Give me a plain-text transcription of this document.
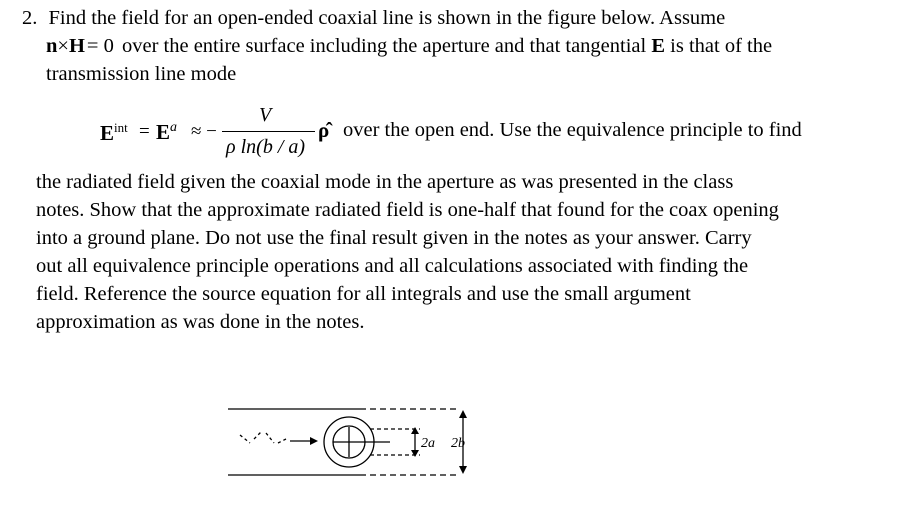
2. Find the field for an open-ended coaxial line is shown in the figure below. Assume
n×H= 0 over the entire surface including the aperture and that tangential E is that of the
transmission line mode
$E^{int} = E^a$ ≈ −
V
ρ ln(b / a)
ρ̂ over the open end. Use the equivalence principle to find
the radiated field given the coaxial mode in the aperture as was presented in the class
notes. Show that the approximate radiated field is one-half that found for the coax opening
into a ground plane. Do not use the final result given in the notes as your answer. Carry
out all equivalence principle operations and all calculations associated with finding the
field. Reference the source equation for all integrals and use the small argument
approximation as was done in the notes.
2a 2b
